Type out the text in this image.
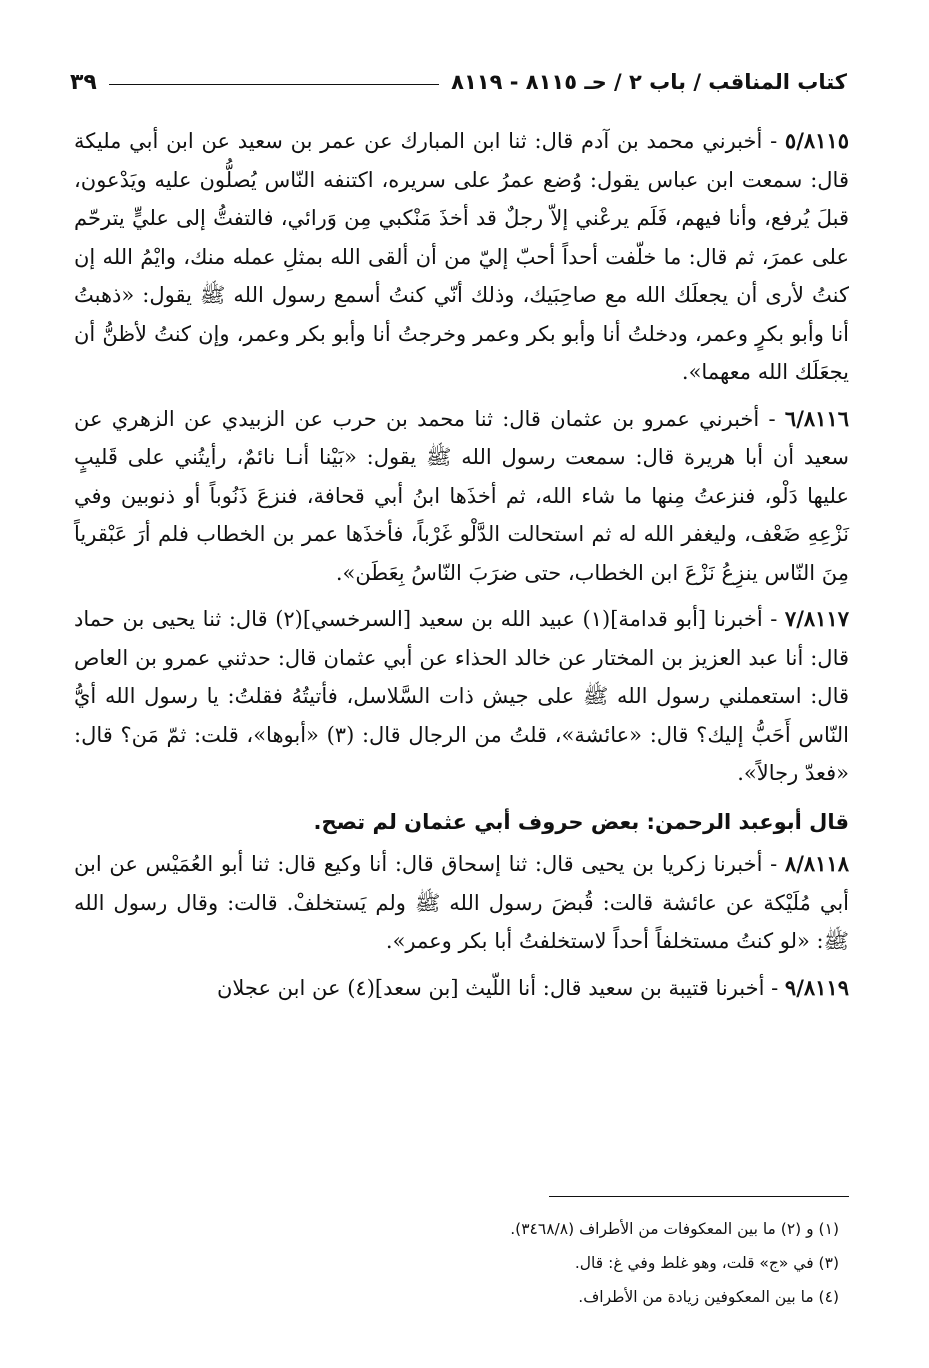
كتاب المناقب / باب ٢ / حـ ٨١١٥ - ٨١١٩
٣٩

٥/٨١١٥ - أخبرني محمد بن آدم قال: ثنا ابن المبارك عن عمر بن سعيد عن ابن أبي مليكة قال: سمعت ابن عباس يقول: وُضع عمرُ على سريره، اكتنفه النّاس يُصلُّون عليه ويَدْعون، قبلَ يُرفع، وأنا فيهم، فَلَم يرعْني إلاّ رجلٌ قد أخذَ مَنْكبي مِن وَرائي، فالتفتُّ إلى عليٍّ يترحّم على عمرَ، ثم قال: ما خلّفت أحداً أحبّ إليّ من أن ألقى الله بمثلِ عمله منك، وايْمُ الله إن كنتُ لأرى أن يجعلَك الله مع صاحِبَيك، وذلك أنّي كنتُ أسمع رسول الله ﷺ يقول: «ذهبتُ أنا وأبو بكرٍ وعمر، ودخلتُ أنا وأبو بكر وعمر وخرجتُ أنا وأبو بكر وعمر، وإن كنتُ لأظنُّ أن يجعَلَك الله معهما».

٦/٨١١٦ - أخبرني عمرو بن عثمان قال: ثنا محمد بن حرب عن الزبيدي عن الزهري عن سعيد أن أبا هريرة قال: سمعت رسول الله ﷺ يقول: «بَيْنا أنـا نائمٌ، رأيتُني على قَليبٍ عليها دَلْو، فنزعتُ مِنها ما شاء الله، ثم أخذَها ابنُ أبي قحافة، فنزعَ ذَنُوباً أو ذنوبين وفي نَزْعِهِ ضَعْف، وليغفر الله له ثم استحالت الدَّلْو غَرْباً، فأخذَها عمر بن الخطاب فلم أرَ عَبْقرياً مِنَ النّاس ينزِعُ نَزْعَ ابن الخطاب، حتى ضرَبَ النّاسُ بِعَطَن».

٧/٨١١٧ - أخبرنا [أبو قدامة](١) عبيد الله بن سعيد [السرخسي](٢) قال: ثنا يحيى بن حماد قال: أنا عبد العزيز بن المختار عن خالد الحذاء عن أبي عثمان قال: حدثني عمرو بن العاص قال: استعملني رسول الله ﷺ على جيش ذات السَّلاسل، فأتيتُهُ فقلتُ: يا رسول الله أيُّ النّاس أَحَبُّ إليك؟ قال: «عائشة»، قلتُ من الرجال قال: (٣) «أبوها»، قلت: ثمّ مَن؟ قال: «فعدّ رجالاً».

قال أبوعبد الرحمن: بعض حروف أبي عثمان لم تصح.

٨/٨١١٨ - أخبرنا زكريا بن يحيى قال: ثنا إسحاق قال: أنا وكيع قال: ثنا أبو العُمَيْس عن ابن أبي مُلَيْكة عن عائشة قالت: قُبضَ رسول الله ﷺ ولم يَستخلفْ. قالت: وقال رسول الله ﷺ: «لو كنتُ مستخلفاً أحداً لاستخلفتُ أبا بكر وعمر».

٩/٨١١٩ - أخبرنا قتيبة بن سعيد قال: أنا اللّيث [بن سعد](٤) عن ابن عجلان

(١) و (٢) ما بين المعكوفات من الأطراف (٣٤٦٨/٨).

(٣) في «ج» قلت، وهو غلط وفي غ: قال.

(٤) ما بين المعكوفين زيادة من الأطراف.
